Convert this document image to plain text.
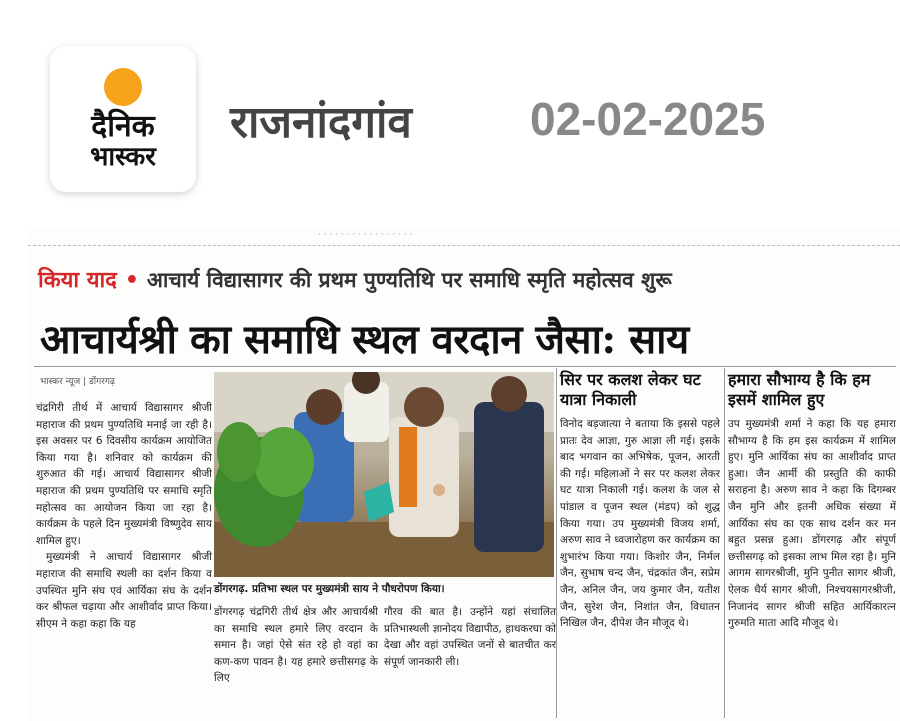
दैनिक
भास्कर
राजनांदगांव	02-02-2025
· · · · · · · · · · · · · · · · ·
किया याद • आचार्य विद्यासागर की प्रथम पुण्यतिथि पर समाधि स्मृति महोत्सव शुरू
आचार्यश्री का समाधि स्थल वरदान जैसा: साय
भास्कर न्यूज | डोंगरगढ़

चंद्रगिरी तीर्थ में आचार्य विद्यासागर श्रीजी महाराज की प्रथम पुण्यतिथि मनाई जा रही है। इस अवसर पर 6 दिवसीय कार्यक्रम आयोजित किया गया है। शनिवार को कार्यक्रम की शुरुआत की गई। आचार्य विद्यासागर श्रीजी महाराज की प्रथम पुण्यतिथि पर समाधि स्मृति महोत्सव का आयोजन किया जा रहा है। कार्यक्रम के पहले दिन मुख्यमंत्री विष्णुदेव साय शामिल हुए।

मुख्यमंत्री ने आचार्य विद्यासागर श्रीजी महाराज की समाधि स्थली का दर्शन किया व उपस्थित मुनि संघ एवं आर्यिका संघ के दर्शन कर श्रीफल चढ़ाया और आशीर्वाद प्राप्त किया। सीएम ने कहा कहा कि यह

डोंगरगढ़. प्रतिभा स्थल पर मुख्यमंत्री साय ने पौधरोपण किया।
डोंगरगढ़ चंद्रगिरी तीर्थ क्षेत्र और आचार्यश्री का समाधि स्थल हमारे लिए वरदान के समान है। जहां ऐसे संत रहे हो वहां का कण-कण पावन है। यह हमारे छत्तीसगढ़ के लिए
गौरव की बात है। उन्होंने यहां संचालित प्रतिभास्थली ज्ञानोदय विद्यापीठ, हाथकरघा को देखा और वहां उपस्थित जनों से बातचीत कर संपूर्ण जानकारी ली।
सिर पर कलश लेकर घट यात्रा निकाली
विनोद बड़जात्या ने बताया कि इससे पहले प्रातः देव आज्ञा, गुरु आज्ञा ली गई। इसके बाद भगवान का अभिषेक, पूजन, आरती की गई। महिलाओं ने सर पर कलश लेकर घट यात्रा निकाली गई। कलश के जल से पांडाल व पूजन स्थल (मंडप) को शुद्ध किया गया। उप मुख्यमंत्री विजय शर्मा, अरुण साव ने ध्वजारोहण कर कार्यक्रम का शुभारंभ किया गया। किशोर जैन, निर्मल जैन, सुभाष चन्द जैन, चंद्रकांत जैन, सप्रेम जैन, अनिल जैन, जय कुमार जैन, यतीश जैन, सुरेश जैन, निशांत जैन, विधातन निखिल जैन, दीपेश जैन मौजूद थे।
हमारा सौभाग्य है कि हम इसमें शामिल हुए
उप मुख्यमंत्री शर्मा ने कहा कि यह हमारा सौभाग्य है कि हम इस कार्यक्रम में शामिल हुए। मुनि आर्यिका संघ का आशीर्वाद प्राप्त हुआ। जैन आर्मी की प्रस्तुति की काफी सराहना है। अरुण साव ने कहा कि दिगम्बर जैन मुनि और इतनी अधिक संख्या में आर्यिका संघ का एक साथ दर्शन कर मन बहुत प्रसन्न हुआ। डोंगरगढ़ और संपूर्ण छत्तीसगढ़ को इसका लाभ मिल रहा है। मुनि आगम सागरश्रीजी, मुनि पुनीत सागर श्रीजी, ऐलक धैर्य सागर श्रीजी, निश्चयसागरश्रीजी, निजानंद सागर श्रीजी सहित आर्यिकारत्न गुरुमति माता आदि मौजूद थे।
